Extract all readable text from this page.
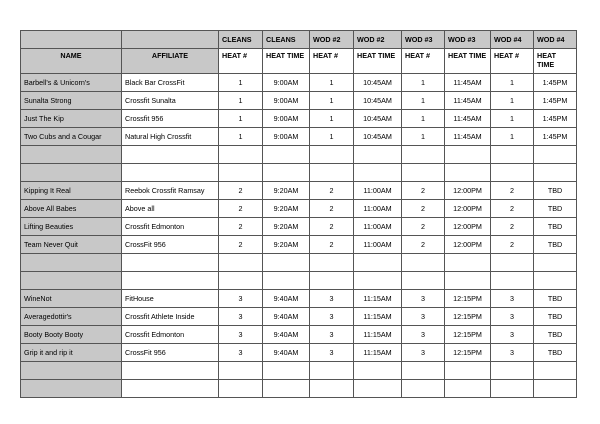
		CLEANS	CLEANS	WOD #2	WOD #2	WOD #3	WOD #3	WOD #4	WOD #4
NAME	AFFILIATE	HEAT #	HEAT TIME	HEAT #	HEAT TIME	HEAT #	HEAT TIME	HEAT #	HEAT TIME
Barbell's & Unicorn's	Black Bar CrossFit	1	9:00AM	1	10:45AM	1	11:45AM	1	1:45PM
Sunalta Strong	Crossfit Sunalta	1	9:00AM	1	10:45AM	1	11:45AM	1	1:45PM
Just The Kip	Crossfit 956	1	9:00AM	1	10:45AM	1	11:45AM	1	1:45PM
Two Cubs and a Cougar	Natural High Crossfit	1	9:00AM	1	10:45AM	1	11:45AM	1	1:45PM

Kipping It Real	Reebok Crossfit Ramsay	2	9:20AM	2	11:00AM	2	12:00PM	2	TBD
Above All Babes	Above all	2	9:20AM	2	11:00AM	2	12:00PM	2	TBD
Lifting Beauties	Crossfit Edmonton	2	9:20AM	2	11:00AM	2	12:00PM	2	TBD
Team Never Quit	CrossFit 956	2	9:20AM	2	11:00AM	2	12:00PM	2	TBD

WineNot	FitHouse	3	9:40AM	3	11:15AM	3	12:15PM	3	TBD
Averagedottir's	Crossfit Athlete Inside	3	9:40AM	3	11:15AM	3	12:15PM	3	TBD
Booty Booty Booty	Crossfit Edmonton	3	9:40AM	3	11:15AM	3	12:15PM	3	TBD
Grip it and rip it	CrossFit 956	3	9:40AM	3	11:15AM	3	12:15PM	3	TBD
